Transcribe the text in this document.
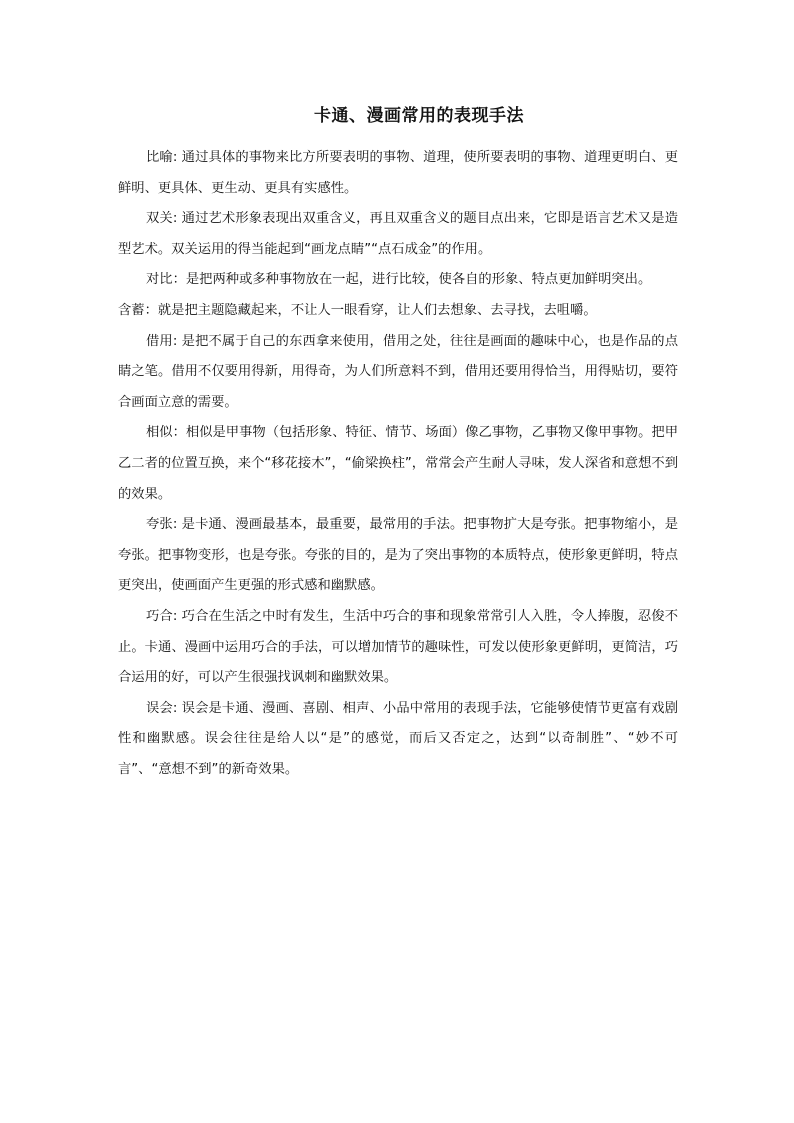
卡通、漫画常用的表现手法

比喻: 通过具体的事物来比方所要表明的事物、道理，使所要表明的事物、道理更明白、更鲜明、更具体、更生动、更具有实感性。

双关: 通过艺术形象表现出双重含义，再且双重含义的题目点出来，它即是语言艺术又是造型艺术。双关运用的得当能起到“画龙点睛”“点石成金”的作用。

对比：是把两种或多种事物放在一起，进行比较，使各自的形象、特点更加鲜明突出。

含蓄：就是把主题隐藏起来，不让人一眼看穿，让人们去想象、去寻找，去咀嚼。

借用: 是把不属于自己的东西拿来使用，借用之处，往往是画面的趣味中心，也是作品的点睛之笔。借用不仅要用得新，用得奇，为人们所意料不到，借用还要用得恰当，用得贴切，要符合画面立意的需要。

相似：相似是甲事物（包括形象、特征、情节、场面）像乙事物，乙事物又像甲事物。把甲乙二者的位置互换，来个“移花接木”，“偷梁换柱”，常常会产生耐人寻味，发人深省和意想不到的效果。

夸张: 是卡通、漫画最基本，最重要，最常用的手法。把事物扩大是夸张。把事物缩小，是夸张。把事物变形，也是夸张。夸张的目的，是为了突出事物的本质特点，使形象更鲜明，特点更突出，使画面产生更强的形式感和幽默感。

巧合: 巧合在生活之中时有发生，生活中巧合的事和现象常常引人入胜，令人捧腹，忍俊不止。卡通、漫画中运用巧合的手法，可以增加情节的趣味性，可发以使形象更鲜明，更简洁，巧合运用的好，可以产生很强找讽刺和幽默效果。

误会: 误会是卡通、漫画、喜剧、相声、小品中常用的表现手法，它能够使情节更富有戏剧性和幽默感。误会往往是给人以“是”的感觉，而后又否定之，达到“以奇制胜”、“妙不可言”、“意想不到”的新奇效果。
